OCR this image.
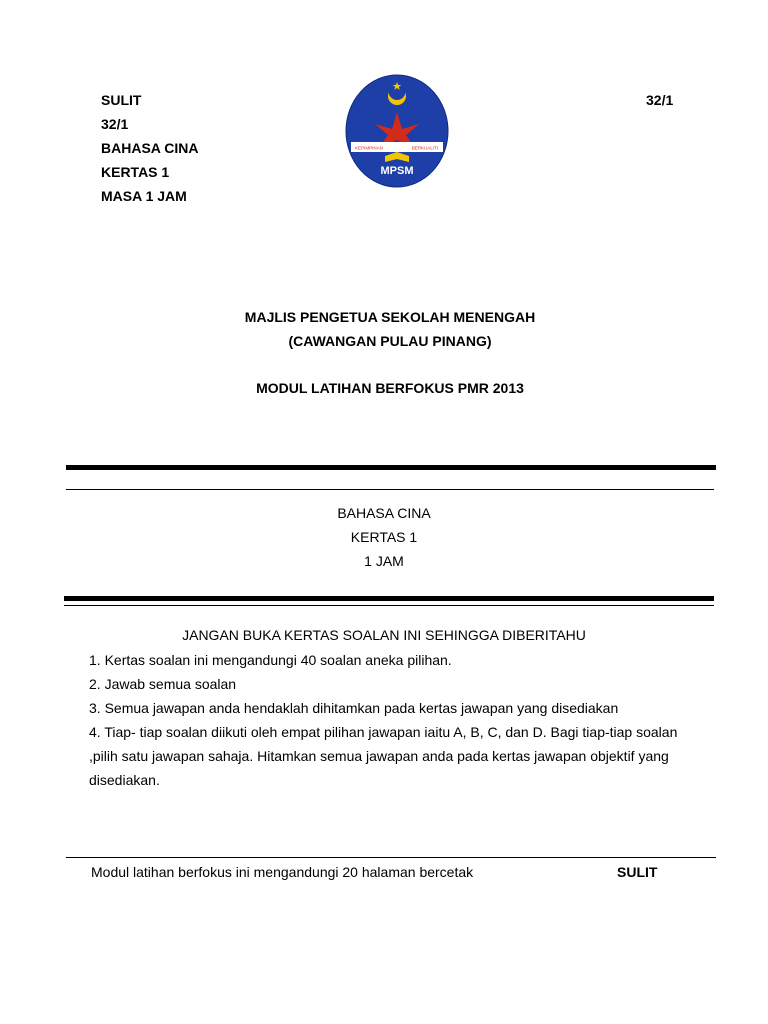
SULIT
32/1
BAHASA CINA
KERTAS 1
MASA 1 JAM
32/1
KEPIMPINAN	BERKUALITI
MPSM
MAJLIS PENGETUA SEKOLAH MENENGAH
(CAWANGAN PULAU PINANG)
MODUL LATIHAN BERFOKUS PMR 2013
BAHASA CINA
KERTAS 1
1 JAM
JANGAN BUKA KERTAS SOALAN INI SEHINGGA DIBERITAHU
1. Kertas soalan ini mengandungi 40 soalan aneka pilihan.
2. Jawab semua soalan
3. Semua jawapan anda hendaklah dihitamkan pada kertas jawapan yang disediakan
4. Tiap- tiap soalan diikuti oleh empat pilihan jawapan iaitu A, B, C, dan D. Bagi tiap-tiap soalan
,pilih satu jawapan sahaja. Hitamkan semua jawapan anda pada kertas jawapan objektif yang
disediakan.
Modul latihan berfokus ini mengandungi 20 halaman bercetak	SULIT
